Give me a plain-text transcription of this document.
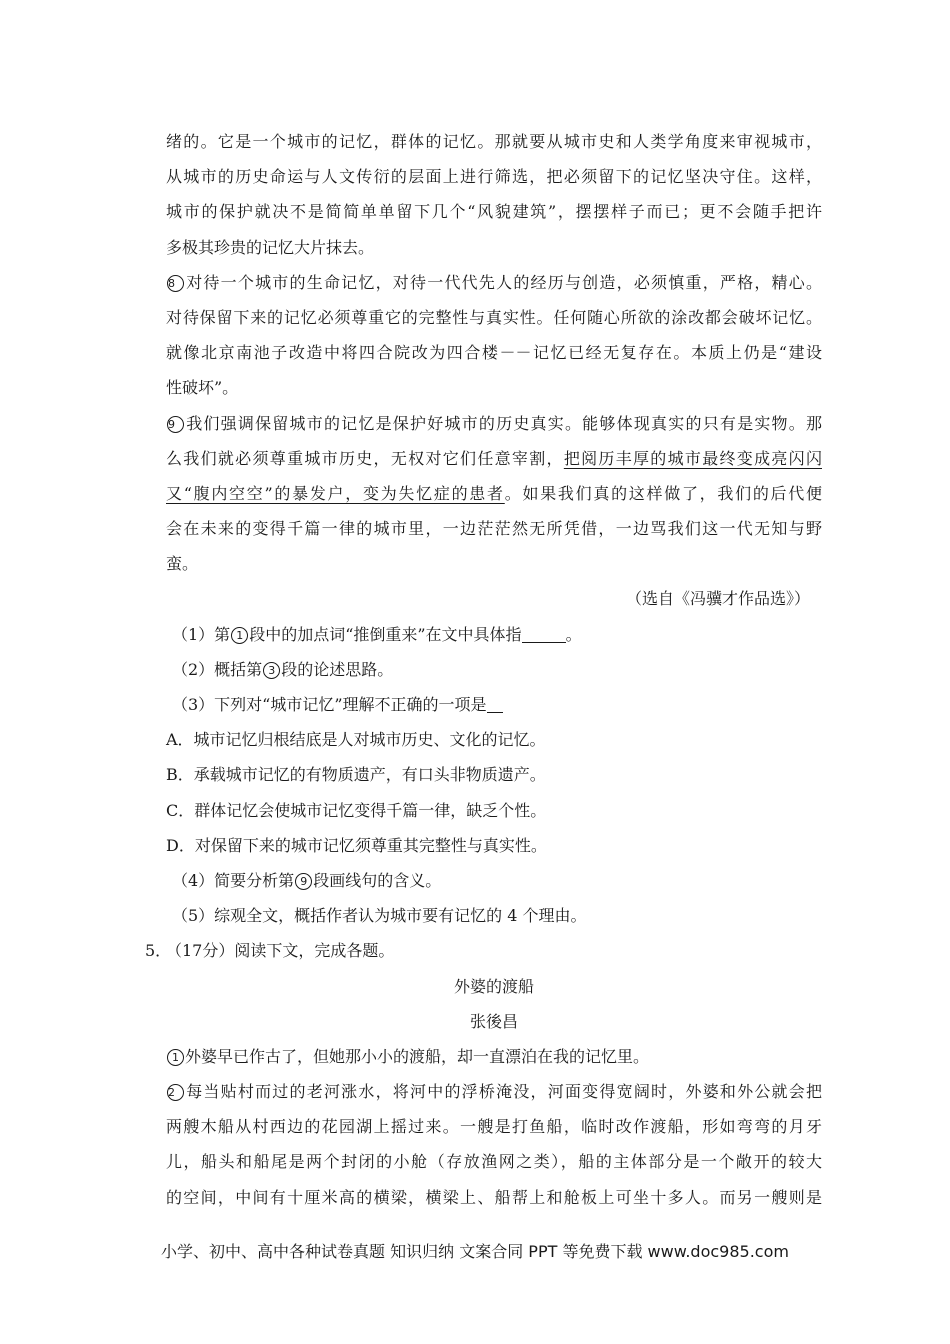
绪的。它是一个城市的记忆，群体的记忆。那就要从城市史和人类学角度来审视城市，
从城市的历史命运与人文传衍的层面上进行筛选，把必须留下的记忆坚决守住。这样，
城市的保护就决不是简简单单留下几个“风貌建筑”，摆摆样子而已；更不会随手把许
多极其珍贵的记忆大片抹去。
8 对待一个城市的生命记忆，对待一代代先人的经历与创造，必须慎重，严格，精心。
对待保留下来的记忆必须尊重它的完整性与真实性。任何随心所欲的涂改都会破坏记忆。
就像北京南池子改造中将四合院改为四合楼－－记忆已经无复存在。本质上仍是“建设
性破坏”。
9 我们强调保留城市的记忆是保护好城市的历史真实。能够体现真实的只有是实物。那
么我们就必须尊重城市历史，无权对它们任意宰割，把阅历丰厚的城市最终变成亮闪闪
又“腹内空空”的暴发户，变为失忆症的患者。如果我们真的这样做了，我们的后代便
会在未来的变得千篇一律的城市里，一边茫茫然无所凭借，一边骂我们这一代无知与野
蛮。
（选自《冯骥才作品选》）
（1）第 1 段中的加点词“推倒重来”在文中具体指	。
（2）概括第 3 段的论述思路。
（3）下列对“城市记忆”理解不正确的一项是
A．城市记忆归根结底是人对城市历史、文化的记忆。
B．承载城市记忆的有物质遗产，有口头非物质遗产。
C．群体记忆会使城市记忆变得千篇一律，缺乏个性。
D．对保留下来的城市记忆须尊重其完整性与真实性。
（4）简要分析第 9 段画线句的含义。
（5）综观全文，概括作者认为城市要有记忆的 4 个理由。
5．
（17分）阅读下文，完成各题。
外婆的渡船
张後昌
1 外婆早已作古了，但她那小小的渡船，却一直漂泊在我的记忆里。
2 每当贴村而过的老河涨水，将河中的浮桥淹没，河面变得宽阔时，外婆和外公就会把
两艘木船从村西边的花园湖上摇过来。一艘是打鱼船，临时改作渡船，形如弯弯的月牙
儿，船头和船尾是两个封闭的小舱（存放渔网之类），船的主体部分是一个敞开的较大
的空间，中间有十厘米高的横梁，横梁上、船帮上和舱板上可坐十多人。而另一艘则是
小学、初中、高中各种试卷真题 知识归纳 文案合同 PPT 等免费下载 www.doc985.com
